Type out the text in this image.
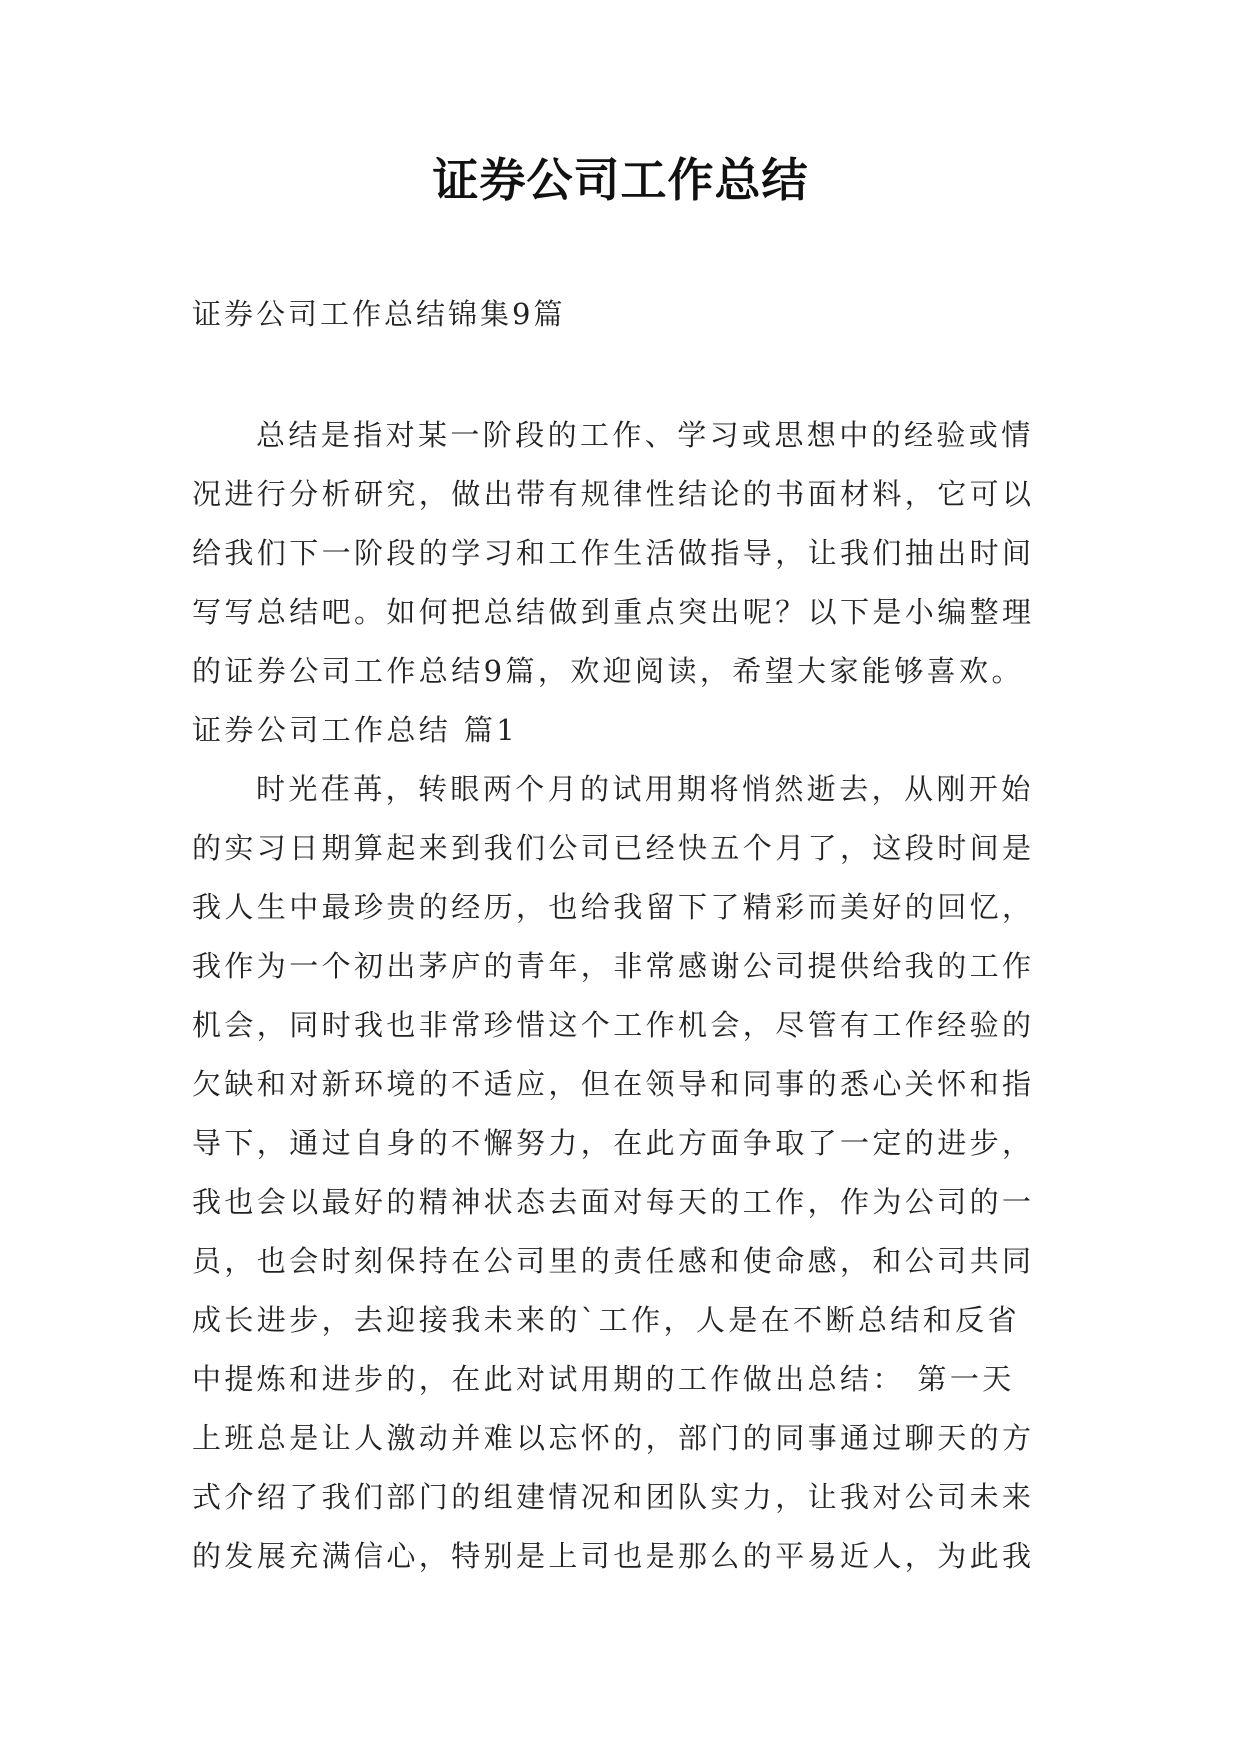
证券公司工作总结

证券公司工作总结锦集9篇

总结是指对某一阶段的工作、学习或思想中的经验或情

况进行分析研究，做出带有规律性结论的书面材料，它可以

给我们下一阶段的学习和工作生活做指导，让我们抽出时间

写写总结吧。如何把总结做到重点突出呢？以下是小编整理

的证券公司工作总结9篇，欢迎阅读，希望大家能够喜欢。

证券公司工作总结 篇1

时光荏苒，转眼两个月的试用期将悄然逝去，从刚开始

的实习日期算起来到我们公司已经快五个月了，这段时间是

我人生中最珍贵的经历，也给我留下了精彩而美好的回忆，

我作为一个初出茅庐的青年，非常感谢公司提供给我的工作

机会，同时我也非常珍惜这个工作机会，尽管有工作经验的

欠缺和对新环境的不适应，但在领导和同事的悉心关怀和指

导下，通过自身的不懈努力，在此方面争取了一定的进步，

我也会以最好的精神状态去面对每天的工作，作为公司的一

员，也会时刻保持在公司里的责任感和使命感，和公司共同

成长进步，去迎接我未来的`工作，人是在不断总结和反省

中提炼和进步的，在此对试用期的工作做出总结： 第一天

上班总是让人激动并难以忘怀的，部门的同事通过聊天的方

式介绍了我们部门的组建情况和团队实力，让我对公司未来

的发展充满信心，特别是上司也是那么的平易近人，为此我
